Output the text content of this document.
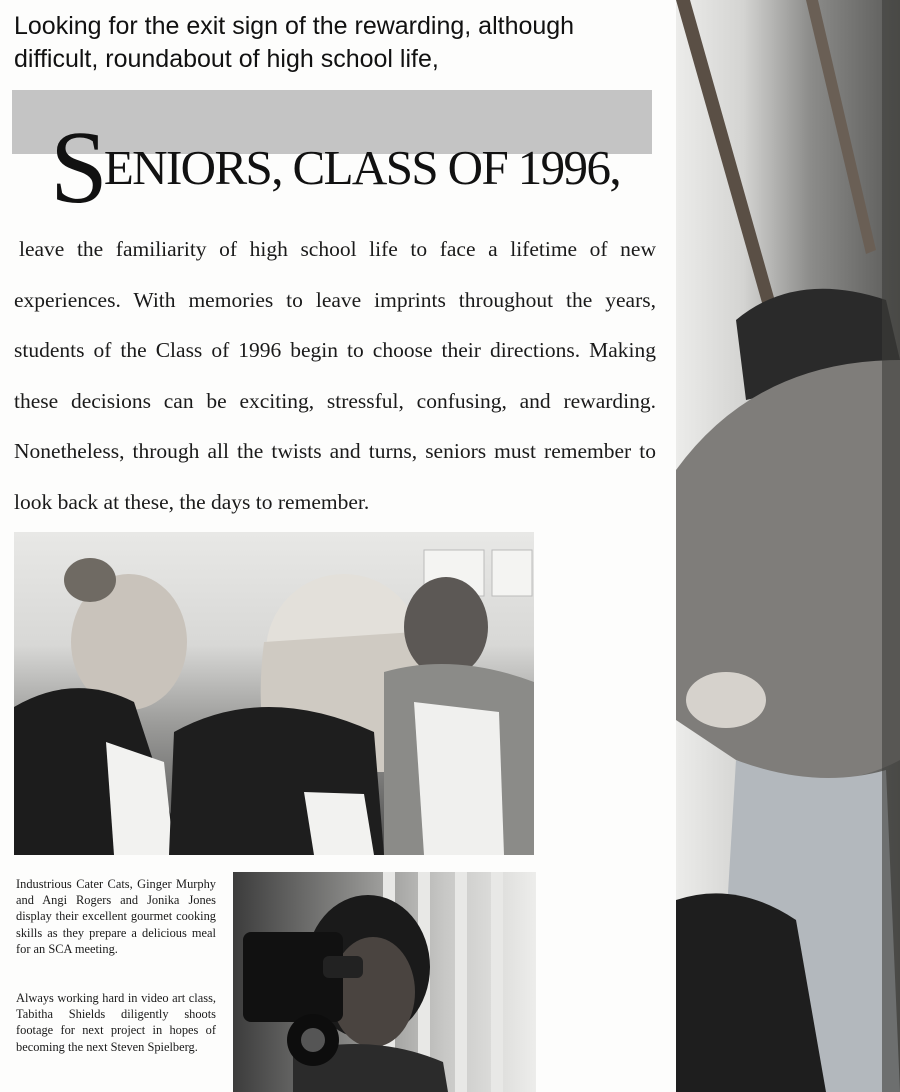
Looking for the exit sign of the rewarding, although difficult, roundabout of high school life,
SENIORS, CLASS OF 1996,
leave the familiarity of high school life to face a lifetime of new experiences. With memories to leave imprints throughout the years, students of the Class of 1996 begin to choose their directions. Making these decisions can be exciting, stressful, confusing, and rewarding. Nonetheless, through all the twists and turns, seniors must remember to look back at these, the days to remember.
Industrious Cater Cats, Ginger Murphy and Angi Rogers and Jonika Jones display their excellent gourmet cooking skills as they prepare a delicious meal for an SCA meeting.
Always working hard in video art class, Tabitha Shields diligently shoots footage for next project in hopes of becoming the next Steven Spielberg.
